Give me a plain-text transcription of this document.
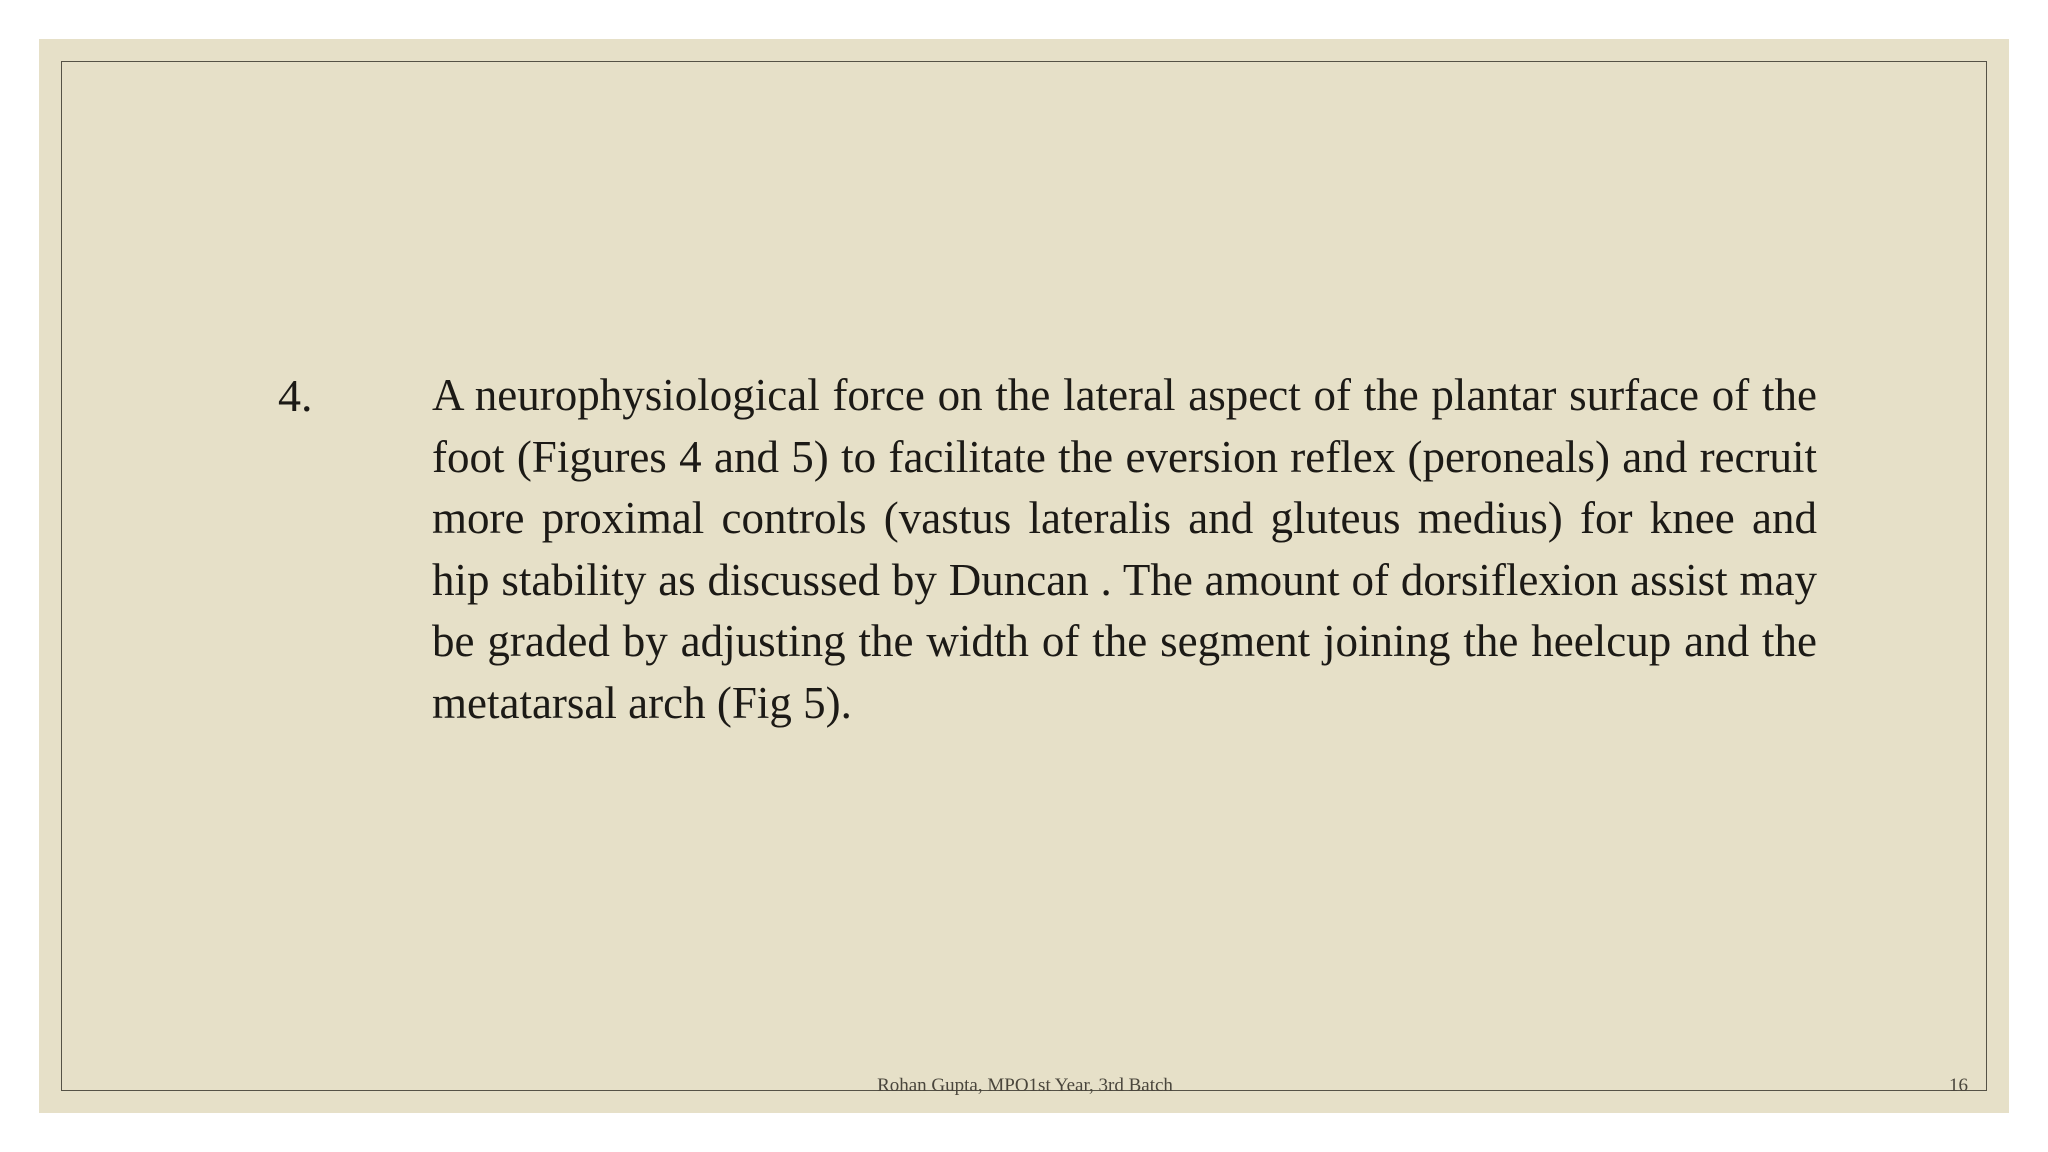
4.	A neurophysiological force on the lateral aspect of the plantar surface of the foot (Figures 4 and 5) to facilitate the eversion reflex (peroneals) and recruit more proximal controls (vastus lateralis and gluteus medius) for knee and hip stability as discussed by Duncan . The amount of dorsiflexion assist may be graded by adjusting the width of the segment joining the heelcup and the metatarsal arch (Fig 5).

Rohan Gupta, MPO1st Year, 3rd Batch	16
